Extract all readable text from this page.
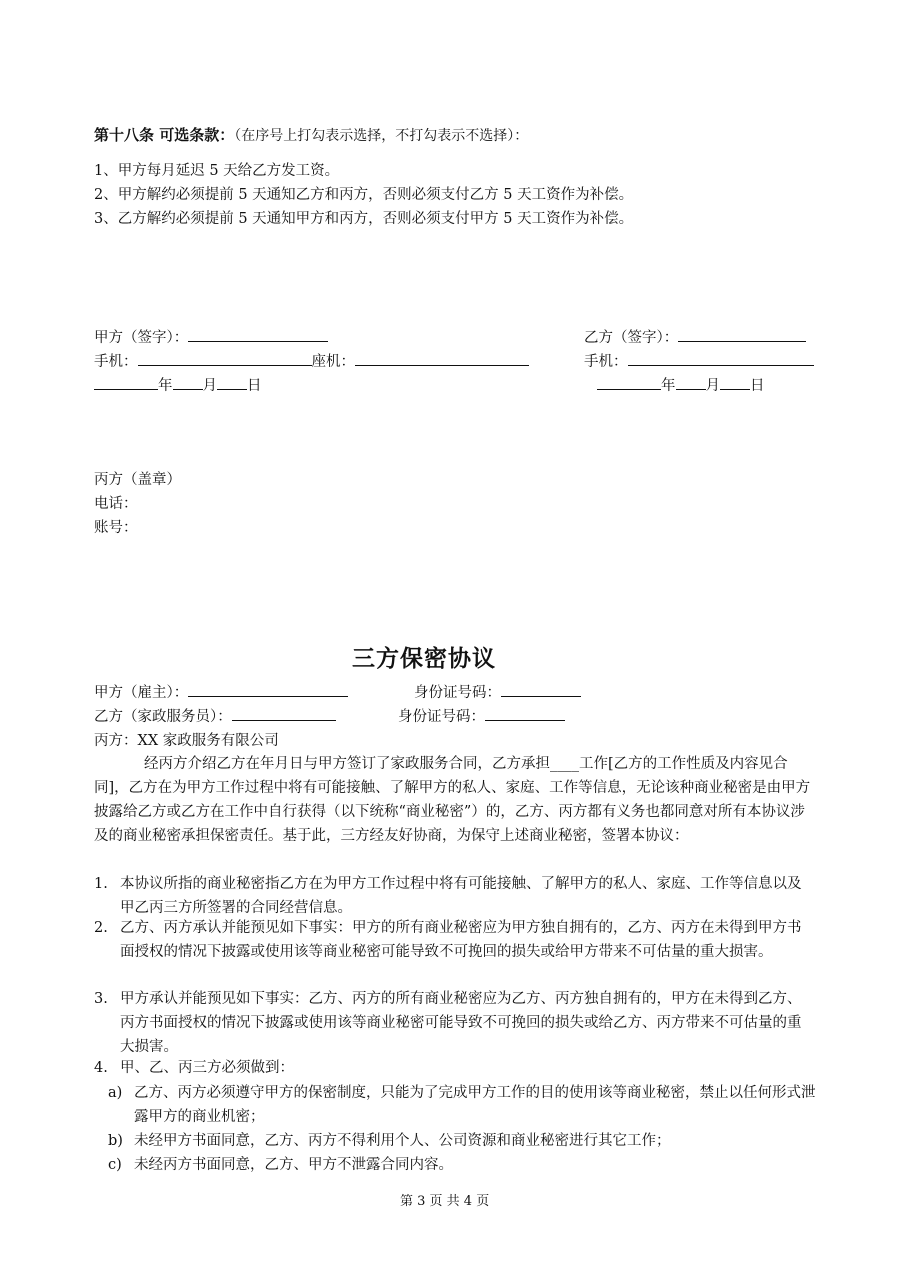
第十八条 可选条款：（在序号上打勾表示选择，不打勾表示不选择）：
1、甲方每月延迟 5 天给乙方发工资。
2、甲方解约必须提前 5 天通知乙方和丙方，否则必须支付乙方 5 天工资作为补偿。
3、乙方解约必须提前 5 天通知甲方和丙方，否则必须支付甲方 5 天工资作为补偿。
甲方（签字）：	乙方（签字）：
手机：	座机：	手机：
年 月 日	年 月 日
丙方（盖章）
电话：
账号：
三方保密协议
甲方（雇主）：	身份证号码：
乙方（家政服务员）：	身份证号码：
丙方：XX 家政服务有限公司
经丙方介绍乙方在年月日与甲方签订了家政服务合同，乙方承担____工作[乙方的工作性质及内容见合同]，乙方在为甲方工作过程中将有可能接触、了解甲方的私人、家庭、工作等信息，无论该种商业秘密是由甲方披露给乙方或乙方在工作中自行获得（以下统称“商业秘密”）的，乙方、丙方都有义务也都同意对所有本协议涉及的商业秘密承担保密责任。基于此，三方经友好协商，为保守上述商业秘密，签署本协议：
1. 本协议所指的商业秘密指乙方在为甲方工作过程中将有可能接触、了解甲方的私人、家庭、工作等信息以及甲乙丙三方所签署的合同经营信息。
2. 乙方、丙方承认并能预见如下事实：甲方的所有商业秘密应为甲方独自拥有的，乙方、丙方在未得到甲方书面授权的情况下披露或使用该等商业秘密可能导致不可挽回的损失或给甲方带来不可估量的重大损害。
3. 甲方承认并能预见如下事实：乙方、丙方的所有商业秘密应为乙方、丙方独自拥有的，甲方在未得到乙方、丙方书面授权的情况下披露或使用该等商业秘密可能导致不可挽回的损失或给乙方、丙方带来不可估量的重大损害。
4. 甲、乙、丙三方必须做到：
a) 乙方、丙方必须遵守甲方的保密制度，只能为了完成甲方工作的目的使用该等商业秘密，禁止以任何形式泄露甲方的商业机密；
b) 未经甲方书面同意，乙方、丙方不得利用个人、公司资源和商业秘密进行其它工作；
c) 未经丙方书面同意，乙方、甲方不泄露合同内容。
第 3 页 共 4 页
